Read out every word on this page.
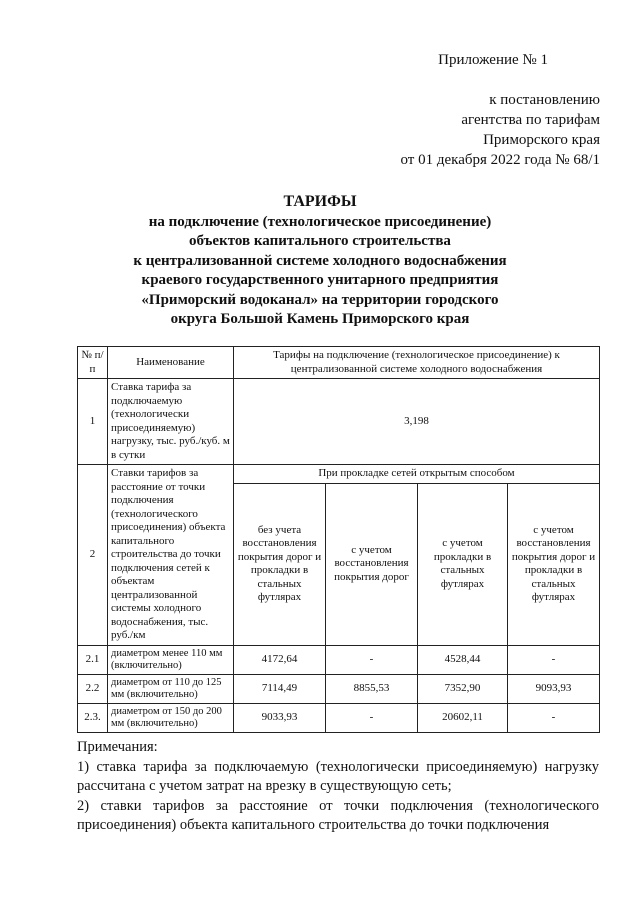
Приложение № 1
к постановлению
агентства по тарифам
Приморского края
от 01 декабря 2022 года № 68/1
ТАРИФЫ
на подключение (технологическое присоединение)
объектов капитального строительства
к централизованной системе холодного водоснабжения
краевого государственного унитарного предприятия
«Приморский водоканал» на территории городского
округа Большой Камень Приморского края
№ п/п	Наименование	Тарифы на подключение (технологическое присоединение) к централизованной системе холодного водоснабжения			
1	Ставка тарифа за подключаемую (технологически присоединяемую) нагрузку, тыс. руб./куб. м в сутки	3,198			
2	Ставки тарифов за расстояние от точки подключения (технологического присоединения) объекта капитального строительства до точки подключения сетей к объектам централизованной системы холодного водоснабжения, тыс. руб./км	При прокладке сетей открытым способом			
		без учета восстановления покрытия дорог и прокладки в стальных футлярах	с учетом восстановления покрытия дорог	с учетом прокладки в стальных футлярах	с учетом восстановления покрытия дорог и прокладки в стальных футлярах
2.1	диаметром менее 110 мм (включительно)	4172,64	-	4528,44	-
2.2	диаметром от 110 до 125 мм (включительно)	7114,49	8855,53	7352,90	9093,93
2.3.	диаметром от 150 до 200 мм (включительно)	9033,93	-	20602,11	-

Примечания:

1) ставка тарифа за подключаемую (технологически присоединяемую) нагрузку рассчитана с учетом затрат на врезку в существующую сеть;

2) ставки тарифов за расстояние от точки подключения (технологического присоединения) объекта капитального строительства до точки подключения
